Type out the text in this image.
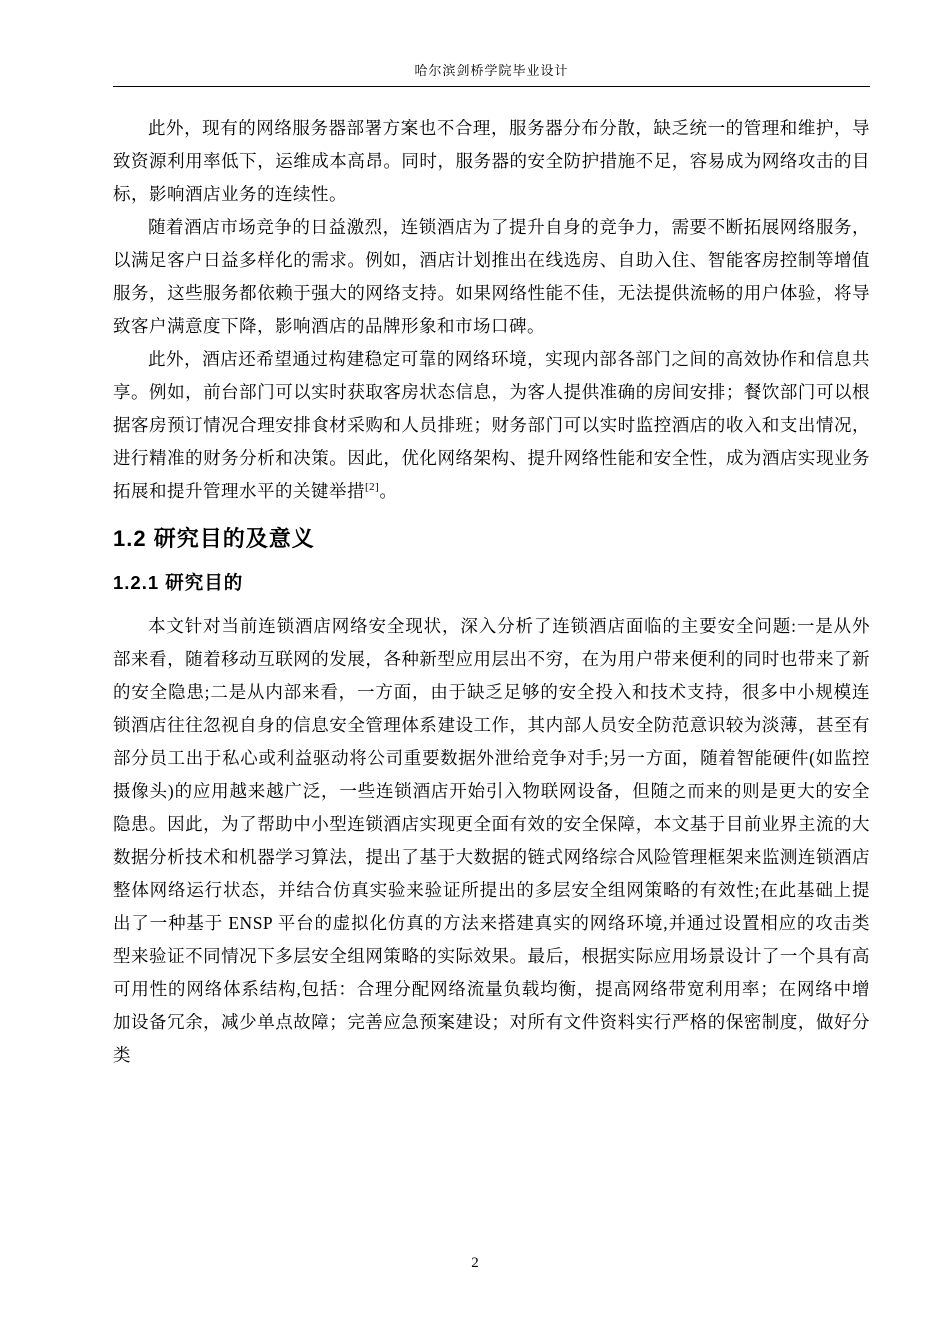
哈尔滨剑桥学院毕业设计

此外，现有的网络服务器部署方案也不合理，服务器分布分散，缺乏统一的管理和维护，导致资源利用率低下，运维成本高昂。同时，服务器的安全防护措施不足，容易成为网络攻击的目标，影响酒店业务的连续性。

随着酒店市场竞争的日益激烈，连锁酒店为了提升自身的竞争力，需要不断拓展网络服务，以满足客户日益多样化的需求。例如，酒店计划推出在线选房、自助入住、智能客房控制等增值服务，这些服务都依赖于强大的网络支持。如果网络性能不佳，无法提供流畅的用户体验，将导致客户满意度下降，影响酒店的品牌形象和市场口碑。

此外，酒店还希望通过构建稳定可靠的网络环境，实现内部各部门之间的高效协作和信息共享。例如，前台部门可以实时获取客房状态信息，为客人提供准确的房间安排；餐饮部门可以根据客房预订情况合理安排食材采购和人员排班；财务部门可以实时监控酒店的收入和支出情况，进行精准的财务分析和决策。因此，优化网络架构、提升网络性能和安全性，成为酒店实现业务拓展和提升管理水平的关键举措[2]。

1.2 研究目的及意义
1.2.1 研究目的

本文针对当前连锁酒店网络安全现状，深入分析了连锁酒店面临的主要安全问题:一是从外部来看，随着移动互联网的发展，各种新型应用层出不穷，在为用户带来便利的同时也带来了新的安全隐患;二是从内部来看，一方面，由于缺乏足够的安全投入和技术支持，很多中小规模连锁酒店往往忽视自身的信息安全管理体系建设工作，其内部人员安全防范意识较为淡薄，甚至有部分员工出于私心或利益驱动将公司重要数据外泄给竞争对手;另一方面，随着智能硬件(如监控摄像头)的应用越来越广泛，一些连锁酒店开始引入物联网设备，但随之而来的则是更大的安全隐患。因此，为了帮助中小型连锁酒店实现更全面有效的安全保障，本文基于目前业界主流的大数据分析技术和机器学习算法，提出了基于大数据的链式网络综合风险管理框架来监测连锁酒店整体网络运行状态，并结合仿真实验来验证所提出的多层安全组网策略的有效性;在此基础上提出了一种基于 ENSP 平台的虚拟化仿真的方法来搭建真实的网络环境,并通过设置相应的攻击类型来验证不同情况下多层安全组网策略的实际效果。最后，根据实际应用场景设计了一个具有高可用性的网络体系结构,包括：合理分配网络流量负载均衡，提高网络带宽利用率；在网络中增加设备冗余，减少单点故障；完善应急预案建设；对所有文件资料实行严格的保密制度，做好分类

2
